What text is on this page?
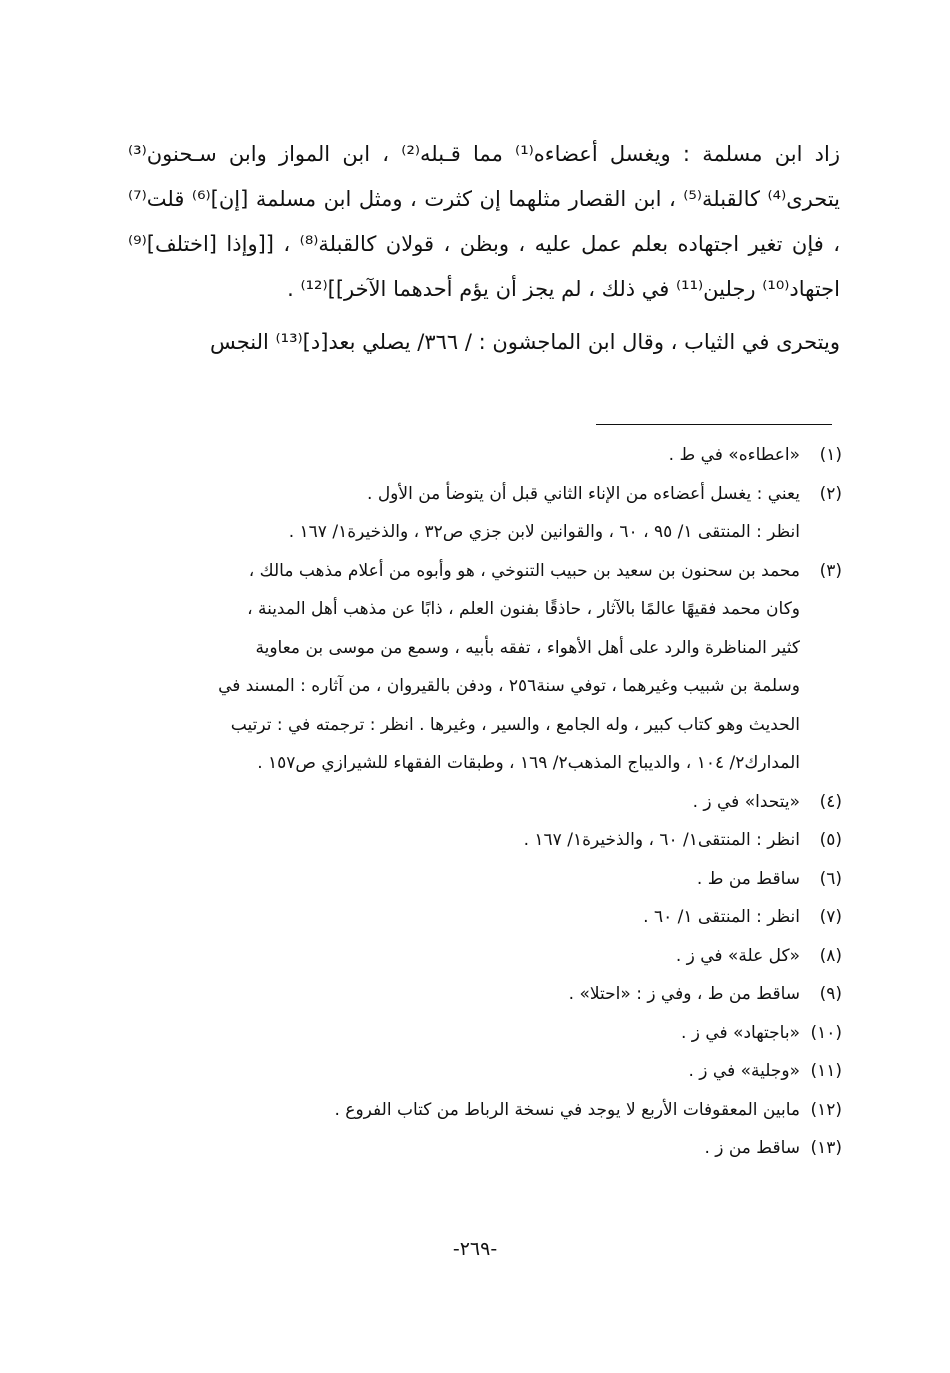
زاد ابن مسلمة : ويغسل أعضاءه⁽¹⁾ مما قـبله⁽²⁾ ، ابن المواز وابن سـحنون⁽³⁾ يتحرى⁽⁴⁾ كالقبلة⁽⁵⁾ ، ابن القصار مثلهما إن كثرت ، ومثل ابن مسلمة [إن]⁽⁶⁾ قلت⁽⁷⁾ ، فإن تغير اجتهاده بعلم عمل عليه ، وبظن ، قولان كالقبلة⁽⁸⁾ ، [[وإذا [اختلف]⁽⁹⁾ اجتهاد⁽¹⁰⁾ رجلين⁽¹¹⁾ في ذلك ، لم يجز أن يؤم أحدهما الآخر]]⁽¹²⁾ .

ويتحرى في الثياب ، وقال ابن الماجشون : / ٣٦٦/ يصلي بعد[د]⁽¹³⁾ النجس

(١)
«اعطاءه» في ط .
(٢)
يعني : يغسل أعضاءه من الإناء الثاني قبل أن يتوضأ من الأول .
انظر : المنتقى ١/ ٩٥ ، ٦٠ ، والقوانين لابن جزي ص٣٢ ، والذخيرة١/ ١٦٧ .
(٣)
محمد بن سحنون بن سعيد بن حبيب التنوخي ، هو وأبوه من أعلام مذهب مالك ،
وكان محمد فقيهًا عالمًا بالآثار ، حاذقًا بفنون العلم ، ذابًا عن مذهب أهل المدينة ،
كثير المناظرة والرد على أهل الأهواء ، تفقه بأبيه ، وسمع من موسى بن معاوية
وسلمة بن شبيب وغيرهما ، توفي سنة٢٥٦ ، ودفن بالقيروان ، من آثاره : المسند في
الحديث وهو كتاب كبير ، وله الجامع ، والسير ، وغيرها . انظر : ترجمته في : ترتيب
المدارك٢/ ١٠٤ ، والديباج المذهب٢/ ١٦٩ ، وطبقات الفقهاء للشيرازي ص١٥٧ .
(٤)
«يتحدا» في ز .
(٥)
انظر : المنتقى١/ ٦٠ ، والذخيرة١/ ١٦٧ .
(٦)
ساقط من ط .
(٧)
انظر : المنتقى ١/ ٦٠ .
(٨)
«كل علة» في ز .
(٩)
ساقط من ط ، وفي ز : «احتلا» .
(١٠)
«باجتهاد» في ز .
(١١)
«وجلية» في ز .
(١٢)
مابين المعقوفات الأربع لا يوجد في نسخة الرباط من كتاب الفروع .
(١٣)
ساقط من ز .
-٢٦٩-
